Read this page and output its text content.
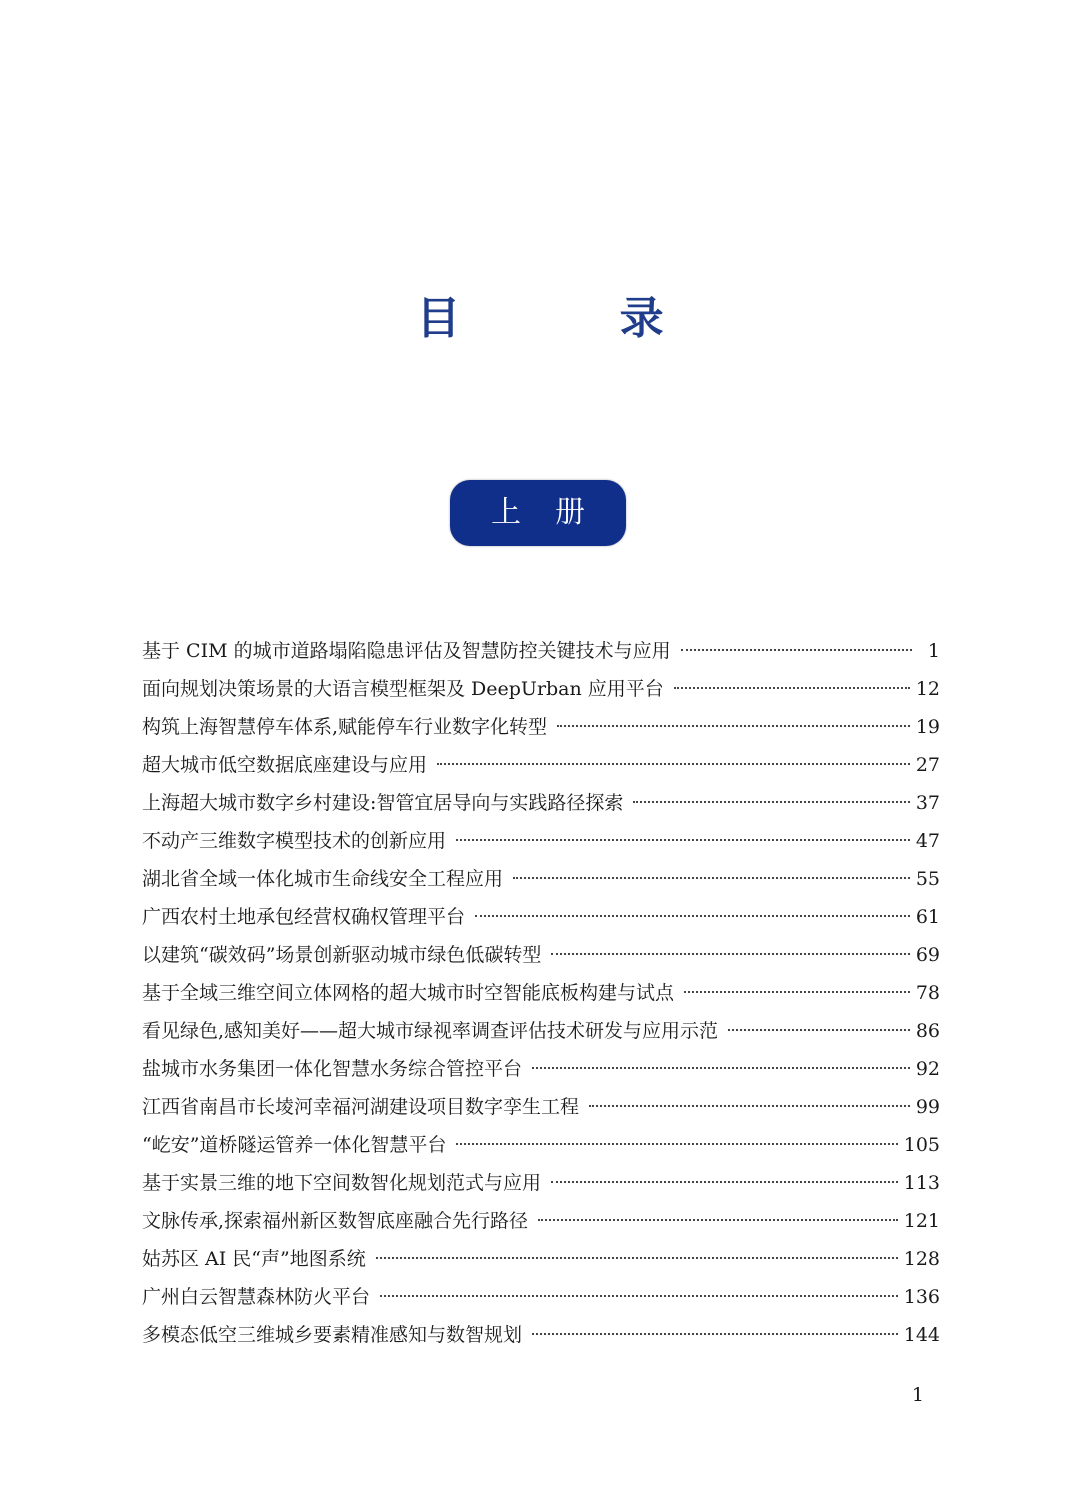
目 录
上册
基于 CIM 的城市道路塌陷隐患评估及智慧防控关键技术与应用	1
面向规划决策场景的大语言模型框架及 DeepUrban 应用平台	12
构筑上海智慧停车体系,赋能停车行业数字化转型	19
超大城市低空数据底座建设与应用	27
上海超大城市数字乡村建设:智管宜居导向与实践路径探索	37
不动产三维数字模型技术的创新应用	47
湖北省全域一体化城市生命线安全工程应用	55
广西农村土地承包经营权确权管理平台	61
以建筑“碳效码”场景创新驱动城市绿色低碳转型	69
基于全域三维空间立体网格的超大城市时空智能底板构建与试点	78
看见绿色,感知美好——超大城市绿视率调查评估技术研发与应用示范	86
盐城市水务集团一体化智慧水务综合管控平台	92
江西省南昌市长堎河幸福河湖建设项目数字孪生工程	99
“屹安”道桥隧运管养一体化智慧平台	105
基于实景三维的地下空间数智化规划范式与应用	113
文脉传承,探索福州新区数智底座融合先行路径	121
姑苏区 AI 民“声”地图系统	128
广州白云智慧森林防火平台	136
多模态低空三维城乡要素精准感知与数智规划	144
1
